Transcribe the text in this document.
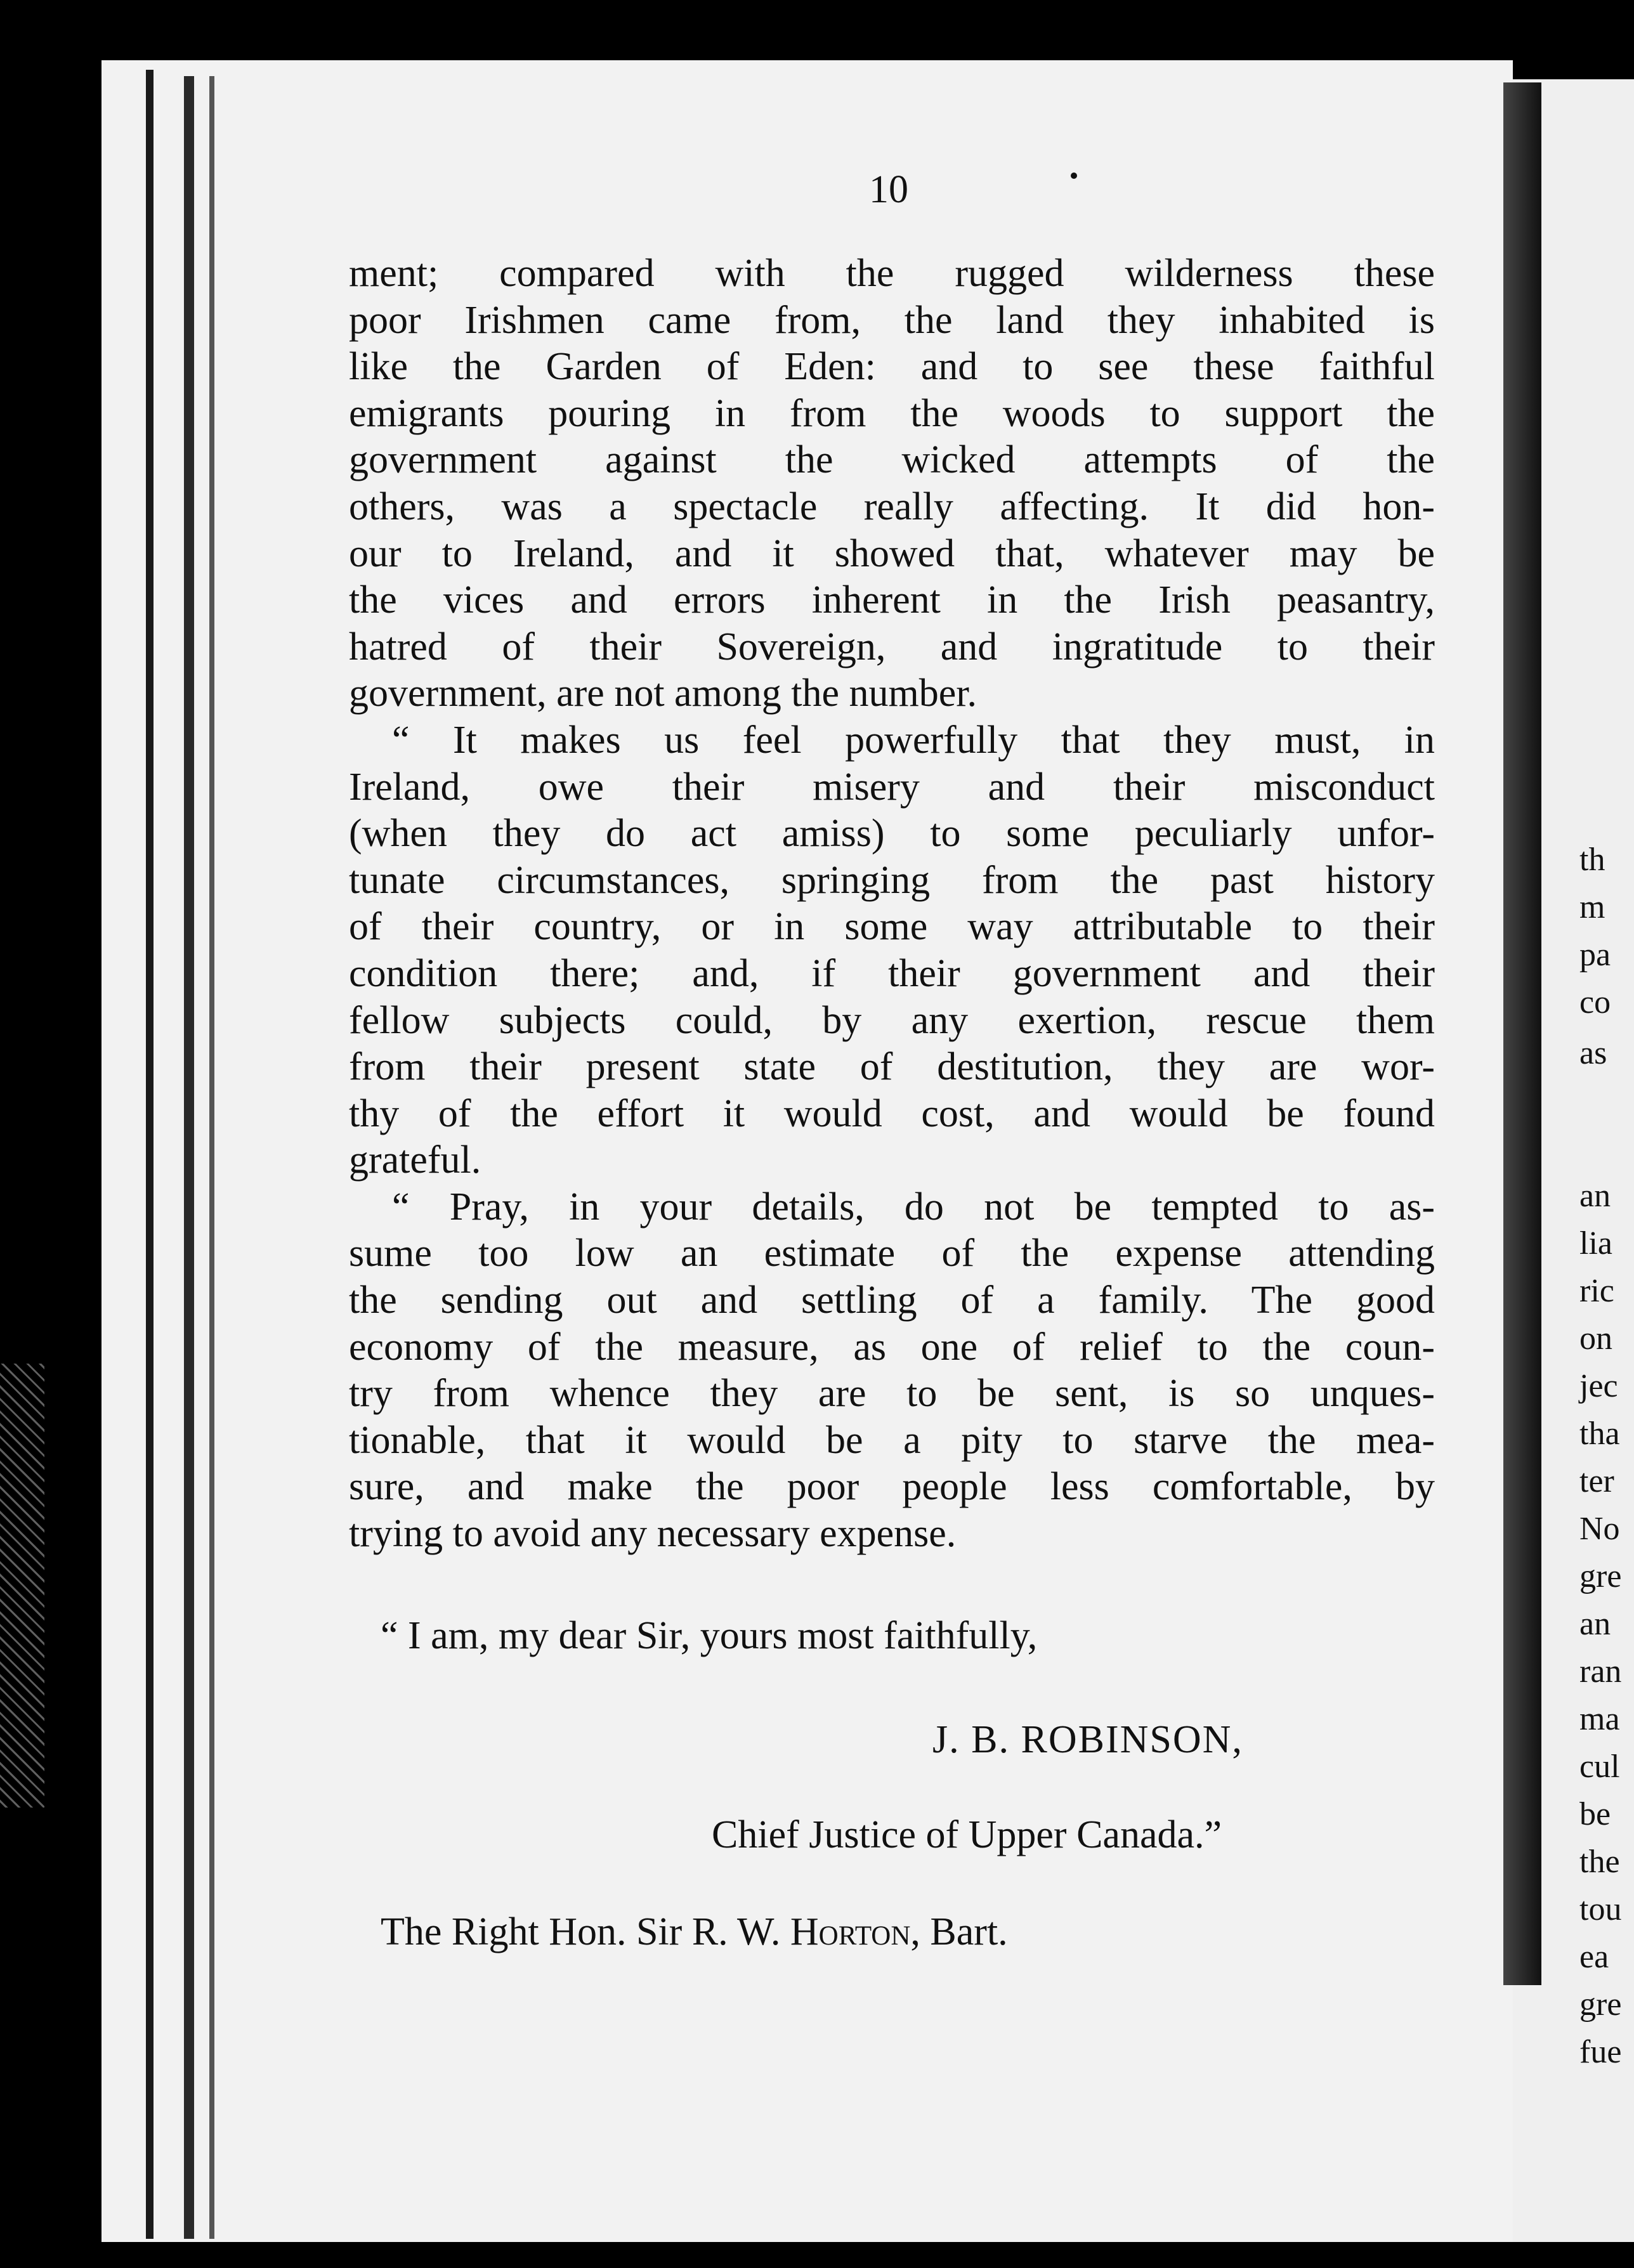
10

ment; compared with the rugged wilderness these

poor Irishmen came from, the land they inhabited is

like the Garden of Eden: and to see these faithful

emigrants pouring in from the woods to support the

government against the wicked attempts of the

others, was a spectacle really affecting. It did hon-

our to Ireland, and it showed that, whatever may be

the vices and errors inherent in the Irish peasantry,

hatred of their Sovereign, and ingratitude to their

government, are not among the number.

“ It makes us feel powerfully that they must, in

Ireland, owe their misery and their misconduct

(when they do act amiss) to some peculiarly unfor-

tunate circumstances, springing from the past history

of their country, or in some way attributable to their

condition there; and, if their government and their

fellow subjects could, by any exertion, rescue them

from their present state of destitution, they are wor-

thy of the effort it would cost, and would be found

grateful.

“ Pray, in your details, do not be tempted to as-

sume too low an estimate of the expense attending

the sending out and settling of a family. The good

economy of the measure, as one of relief to the coun-

try from whence they are to be sent, is so unques-

tionable, that it would be a pity to starve the mea-

sure, and make the poor people less comfortable, by

trying to avoid any necessary expense.

“ I am, my dear Sir, yours most faithfully,

J. B. ROBINSON,

Chief Justice of Upper Canada.”

The Right Hon. Sir R. W. Horton, Bart.

th

m

pa

co

as

an

lia

ric

on

jec

tha

ter

No

gre

an

ran

ma

cul

be

the

tou

ea

gre

fue
